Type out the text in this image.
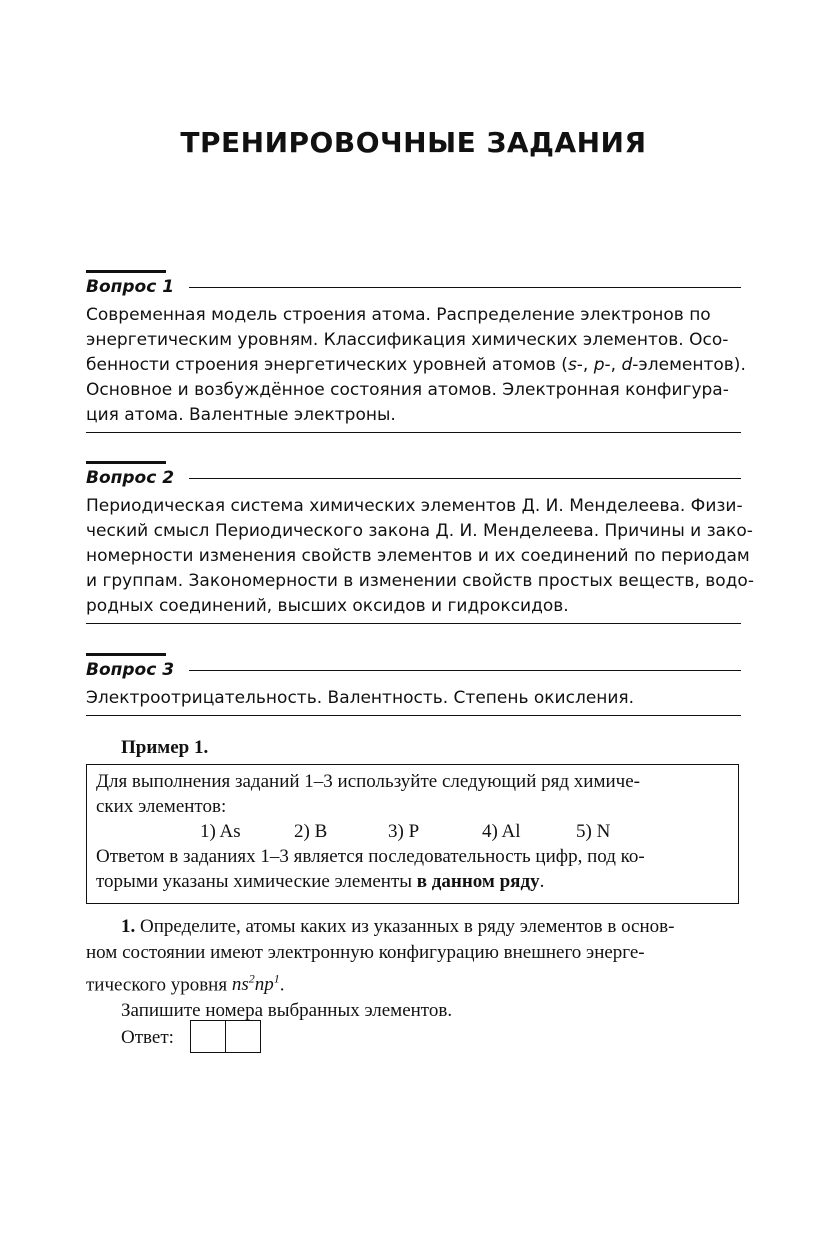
ТРЕНИРОВОЧНЫЕ ЗАДАНИЯ
Вопрос 1
Современная модель строения атома. Распределение электронов по
энергетическим уровням. Классификация химических элементов. Осо-
бенности строения энергетических уровней атомов (s-, p-, d-элементов).
Основное и возбуждённое состояния атомов. Электронная конфигура-
ция атома. Валентные электроны.
Вопрос 2
Периодическая система химических элементов Д. И. Менделеева. Физи-
ческий смысл Периодического закона Д. И. Менделеева. Причины и зако-
номерности изменения свойств элементов и их соединений по периодам
и группам. Закономерности в изменении свойств простых веществ, водо-
родных соединений, высших оксидов и гидроксидов.
Вопрос 3
Электроотрицательность. Валентность. Степень окисления.
Пример 1.
Для выполнения заданий 1–3 используйте следующий ряд химиче-
ских элементов:
1) As	2) B	3) P	4) Al	5) N
Ответом в заданиях 1–3 является последовательность цифр, под ко-
торыми указаны химические элементы в данном ряду.
1. Определите, атомы каких из указанных в ряду элементов в основ-
ном состоянии имеют электронную конфигурацию внешнего энерге-
тического уровня $ns^2np^1$.
Запишите номера выбранных элементов.
Ответ:
